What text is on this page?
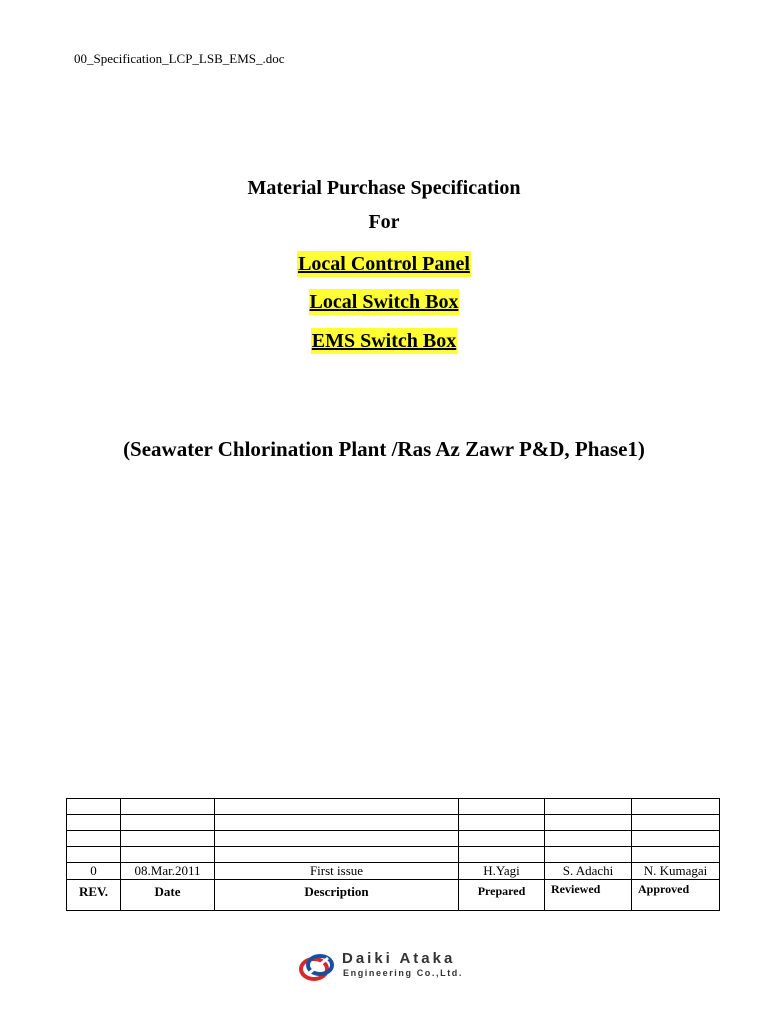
00_Specification_LCP_LSB_EMS_.doc
Material Purchase Specification
For
Local Control Panel
Local Switch Box
EMS Switch Box
(Seawater Chlorination Plant /Ras Az Zawr P&D, Phase1)

0	08.Mar.2011	First issue	H.Yagi	S. Adachi	N. Kumagai
REV.	Date	Description	Prepared	Reviewed	Approved
Daiki Ataka
Engineering Co.,Ltd.
